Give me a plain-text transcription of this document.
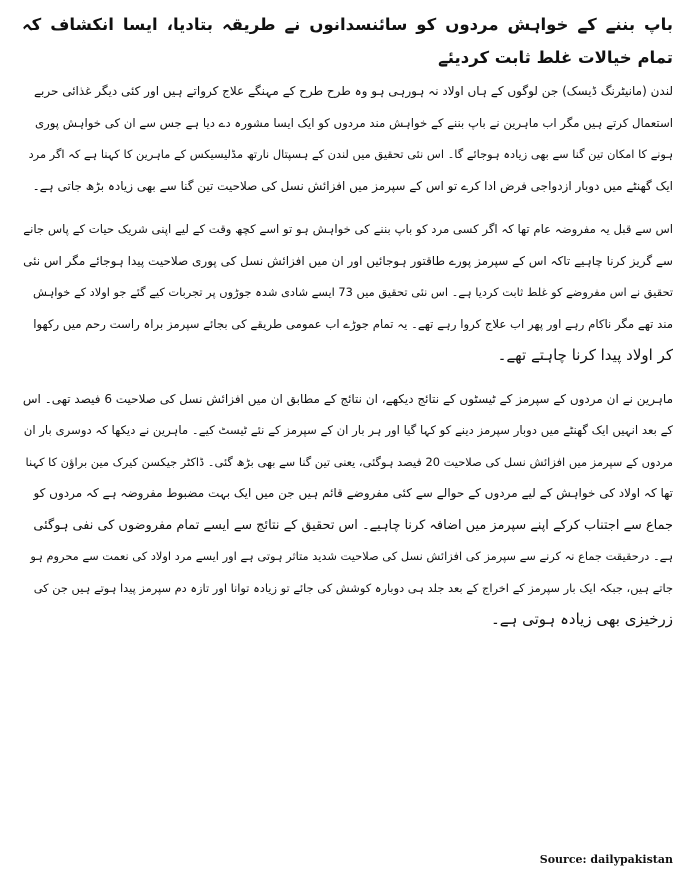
باپ بننے کے خواہش مردوں کو سائنسدانوں نے طریقہ بتادیا، ایسا انکشاف کہ تمام خیالات غلط ثابت کردیئے
لندن (مانیٹرنگ ڈیسک) جن لوگوں کے ہاں اولاد نہ ہورہی ہو وہ طرح طرح کے مہنگے علاج کرواتے ہیں اور کئی دیگر غذائی حربے
استعمال کرتے ہیں مگر اب ماہرین نے باپ بننے کے خواہش مند مردوں کو ایک ایسا مشورہ دے دیا ہے جس سے ان کی خواہش پوری
ہونے کا امکان تین گنا سے بھی زیادہ ہوجائے گا۔ اس نئی تحقیق میں لندن کے ہسپتال نارتھ مڈلیسیکس کے ماہرین کا کہنا ہے کہ اگر مرد
ایک گھنٹے میں دوبار ازدواجی فرض ادا کرے تو اس کے سپرمز میں افزائش نسل کی صلاحیت تین گنا سے بھی زیادہ بڑھ جاتی ہے۔
اس سے قبل یہ مفروضہ عام تھا کہ اگر کسی مرد کو باپ بننے کی خواہش ہو تو اسے کچھ وقت کے لیے اپنی شریک حیات کے پاس جانے
سے گریز کرنا چاہیے تاکہ اس کے سپرمز پورے طاقتور ہوجائیں اور ان میں افزائش نسل کی پوری صلاحیت پیدا ہوجائے مگر اس نئی
تحقیق نے اس مفروضے کو غلط ثابت کردیا ہے۔ اس نئی تحقیق میں 73 ایسے شادی شدہ جوڑوں پر تجربات کیے گئے جو اولاد کے خواہش
مند تھے مگر ناکام رہے اور پھر اب علاج کروا رہے تھے۔ یہ تمام جوڑے اب عمومی طریقے کی بجائے سپرمز براہ راست رحم میں رکھوا
کر اولاد پیدا کرنا چاہتے تھے۔
ماہرین نے ان مردوں کے سپرمز کے ٹیسٹوں کے نتائج دیکھے، ان نتائج کے مطابق ان میں افزائش نسل کی صلاحیت 6 فیصد تھی۔ اس
کے بعد انہیں ایک گھنٹے میں دوبار سپرمز دینے کو کہا گیا اور ہر بار ان کے سپرمز کے نئے ٹیسٹ کیے۔ ماہرین نے دیکھا کہ دوسری بار ان
مردوں کے سپرمز میں افزائش نسل کی صلاحیت 20 فیصد ہوگئی، یعنی تین گنا سے بھی بڑھ گئی۔ ڈاکٹر جیکسن کیرک مین براؤن کا کہنا
تھا کہ اولاد کی خواہش کے لیے مردوں کے حوالے سے کئی مفروضے قائم ہیں جن میں ایک بہت مضبوط مفروضہ ہے کہ مردوں کو
جماع سے اجتناب کرکے اپنے سپرمز میں اضافہ کرنا چاہیے۔ اس تحقیق کے نتائج سے ایسے تمام مفروضوں کی نفی ہوگئی
ہے۔ درحقیقت جماع نہ کرنے سے سپرمز کی افزائش نسل کی صلاحیت شدید متاثر ہوتی ہے اور ایسے مرد اولاد کی نعمت سے محروم ہو
جاتے ہیں، جبکہ ایک بار سپرمز کے اخراج کے بعد جلد ہی دوبارہ کوشش کی جائے تو زیادہ توانا اور تازہ دم سپرمز پیدا ہوتے ہیں جن کی
زرخیزی بھی زیادہ ہوتی ہے۔
Source: dailypakistan
